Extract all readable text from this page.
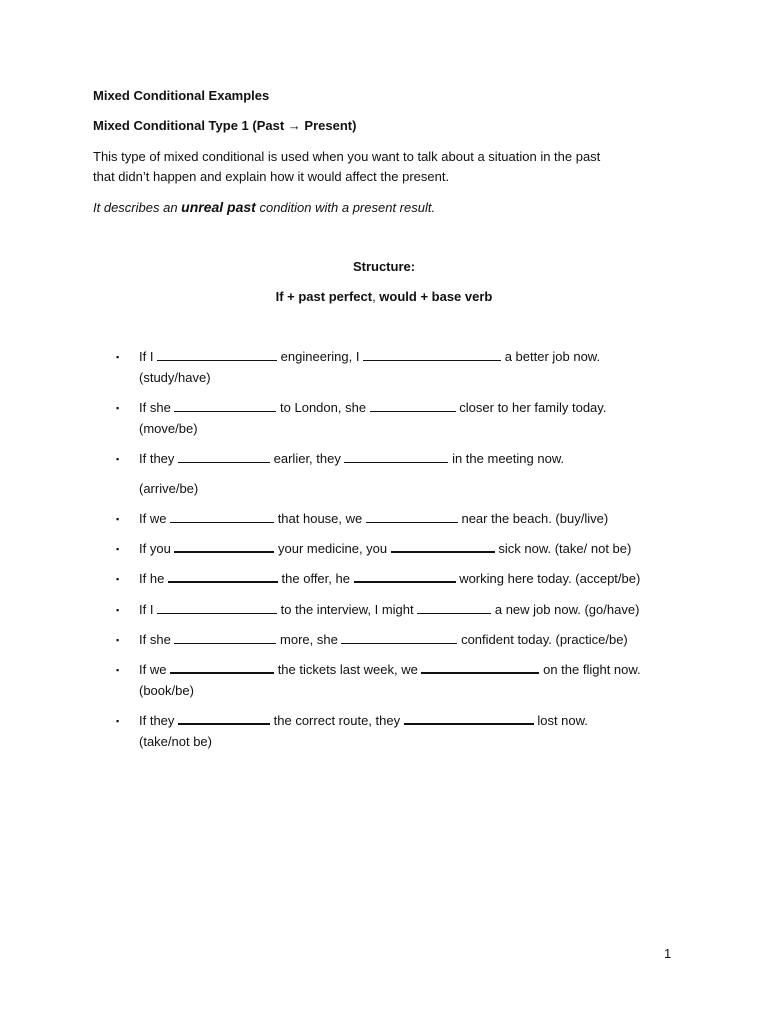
Mixed Conditional Examples
Mixed Conditional Type 1 (Past → Present)
This type of mixed conditional is used when you want to talk about a situation in the past
that didn’t happen and explain how it would affect the present.
It describes an unreal past condition with a present result.
Structure:
If + past perfect, would + base verb
▪ If I	engineering, I	a better job now.
(study/have)
▪ If she	to London, she	closer to her family today.
(move/be)
▪ If they	earlier, they	in the meeting now.
(arrive/be)
▪ If we	that house, we	near the beach. (buy/live)
▪ If you	your medicine, you	sick now. (take/ not be)
▪ If he	the offer, he	working here today. (accept/be)
▪ If I	to the interview, I might	a new job now. (go/have)
▪ If she	more, she	confident today. (practice/be)
▪ If we	the tickets last week, we	on the flight now.
(book/be)
▪ If they	the correct route, they	lost now.
(take/not be)
1
